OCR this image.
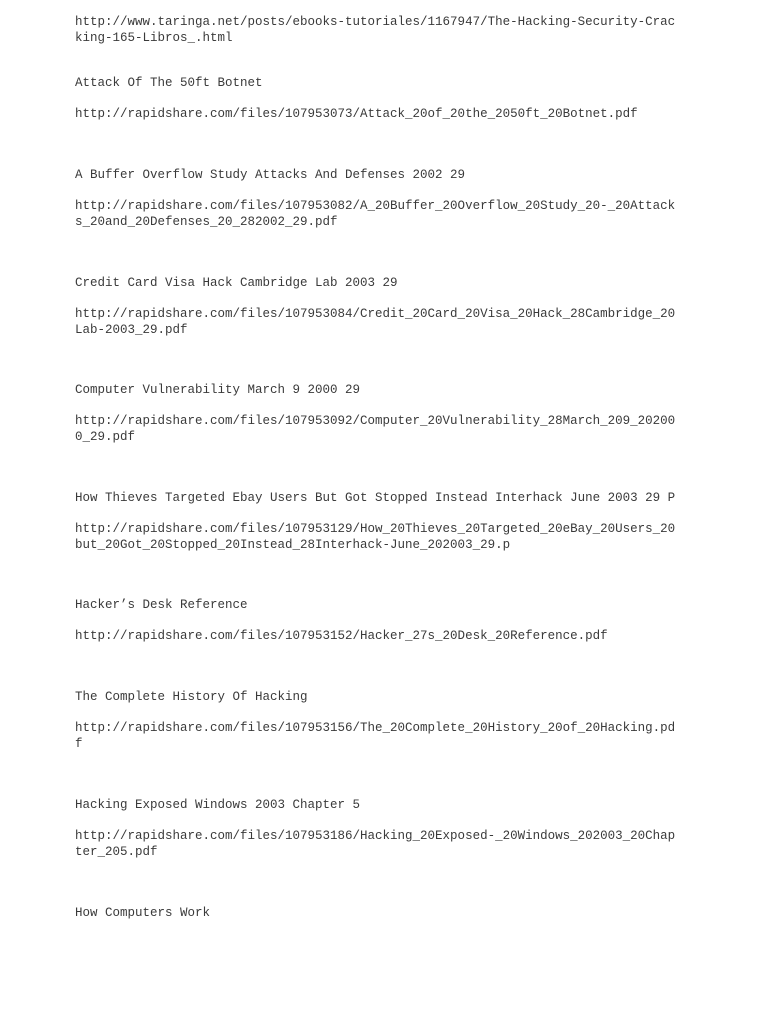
http://www.taringa.net/posts/ebooks-tutoriales/1167947/The-Hacking-Security-Crac

king-165-Libros_.html

Attack Of The 50ft Botnet

http://rapidshare.com/files/107953073/Attack_20of_20the_2050ft_20Botnet.pdf

A Buffer Overflow Study Attacks And Defenses 2002 29

http://rapidshare.com/files/107953082/A_20Buffer_20Overflow_20Study_20-_20Attack

s_20and_20Defenses_20_282002_29.pdf

Credit Card Visa Hack Cambridge Lab 2003 29

http://rapidshare.com/files/107953084/Credit_20Card_20Visa_20Hack_28Cambridge_20

Lab-2003_29.pdf

Computer Vulnerability March 9 2000 29

http://rapidshare.com/files/107953092/Computer_20Vulnerability_28March_209_20200

0_29.pdf

How Thieves Targeted Ebay Users But Got Stopped Instead Interhack June 2003 29 P

http://rapidshare.com/files/107953129/How_20Thieves_20Targeted_20eBay_20Users_20

but_20Got_20Stopped_20Instead_28Interhack-June_202003_29.p

Hacker’s Desk Reference

http://rapidshare.com/files/107953152/Hacker_27s_20Desk_20Reference.pdf

The Complete History Of Hacking

http://rapidshare.com/files/107953156/The_20Complete_20History_20of_20Hacking.pd

f

Hacking Exposed Windows 2003 Chapter 5

http://rapidshare.com/files/107953186/Hacking_20Exposed-_20Windows_202003_20Chap

ter_205.pdf

How Computers Work
